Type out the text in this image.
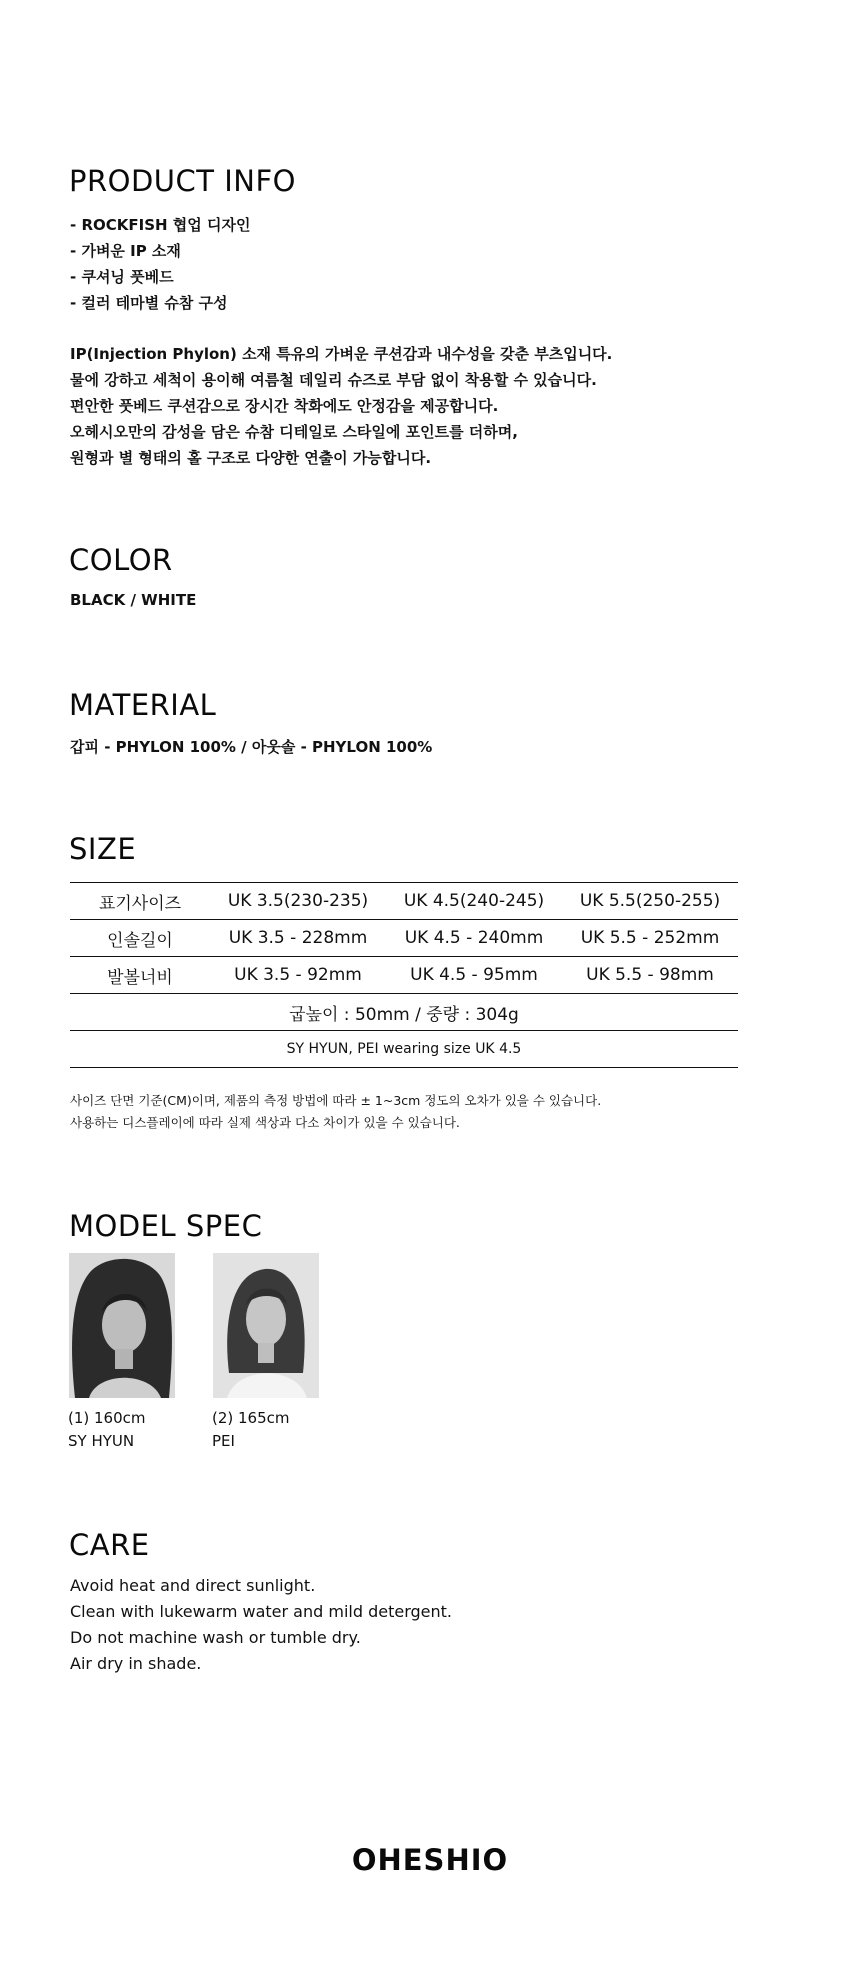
PRODUCT INFO
- ROCKFISH 협업 디자인
- 가벼운 IP 소재
- 쿠셔닝 풋베드
- 컬러 테마별 슈참 구성
IP(Injection Phylon) 소재 특유의 가벼운 쿠션감과 내수성을 갖춘 부츠입니다.
물에 강하고 세척이 용이해 여름철 데일리 슈즈로 부담 없이 착용할 수 있습니다.
편안한 풋베드 쿠션감으로 장시간 착화에도 안정감을 제공합니다.
오헤시오만의 감성을 담은 슈참 디테일로 스타일에 포인트를 더하며,
원형과 별 형태의 홀 구조로 다양한 연출이 가능합니다.
COLOR
BLACK / WHITE
MATERIAL
갑피 - PHYLON 100% / 아웃솔 - PHYLON 100%
SIZE
표기사이즈	UK 3.5(230-235)	UK 4.5(240-245)	UK 5.5(250-255)
인솔길이	UK 3.5 - 228mm	UK 4.5 - 240mm	UK 5.5 - 252mm
발볼너비	UK 3.5 - 92mm	UK 4.5 - 95mm	UK 5.5 - 98mm
굽높이 : 50mm / 중량 : 304g			
SY HYUN, PEI wearing size UK 4.5			
사이즈 단면 기준(CM)이며, 제품의 측정 방법에 따라 ± 1~3cm 정도의 오차가 있을 수 있습니다.
사용하는 디스플레이에 따라 실제 색상과 다소 차이가 있을 수 있습니다.
MODEL SPEC
(1) 160cm
SY HYUN
(2) 165cm
PEI
CARE
Avoid heat and direct sunlight.
Clean with lukewarm water and mild detergent.
Do not machine wash or tumble dry.
Air dry in shade.
OHESHIO
